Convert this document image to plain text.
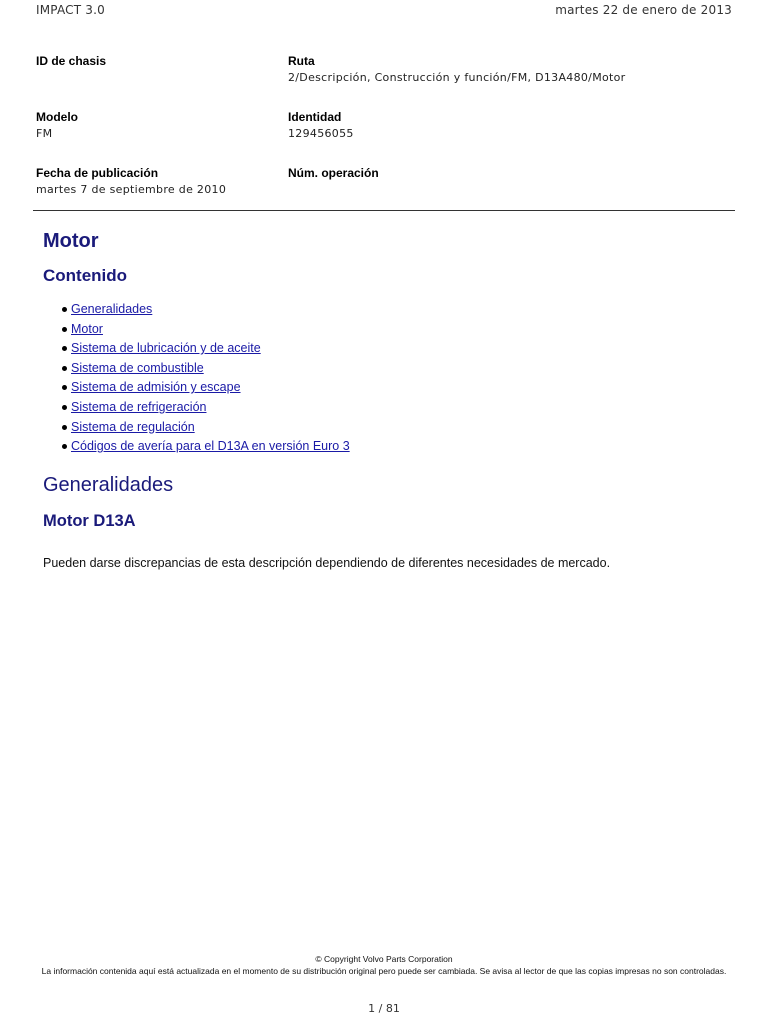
IMPACT 3.0	martes 22 de enero de 2013
ID de chasis	Ruta
2/Descripción, Construcción y función/FM, D13A480/Motor
Modelo
FM
Identidad
129456055
Fecha de publicación
martes 7 de septiembre de 2010
Núm. operación
Motor
Contenido
Generalidades
Motor
Sistema de lubricación y de aceite
Sistema de combustible
Sistema de admisión y escape
Sistema de refrigeración
Sistema de regulación
Códigos de avería para el D13A en versión Euro 3
Generalidades
Motor D13A

Pueden darse discrepancias de esta descripción dependiendo de diferentes necesidades de mercado.

© Copyright Volvo Parts Corporation
La información contenida aquí está actualizada en el momento de su distribución original pero puede ser cambiada. Se avisa al lector de que las copias impresas no son controladas.
1 / 81
